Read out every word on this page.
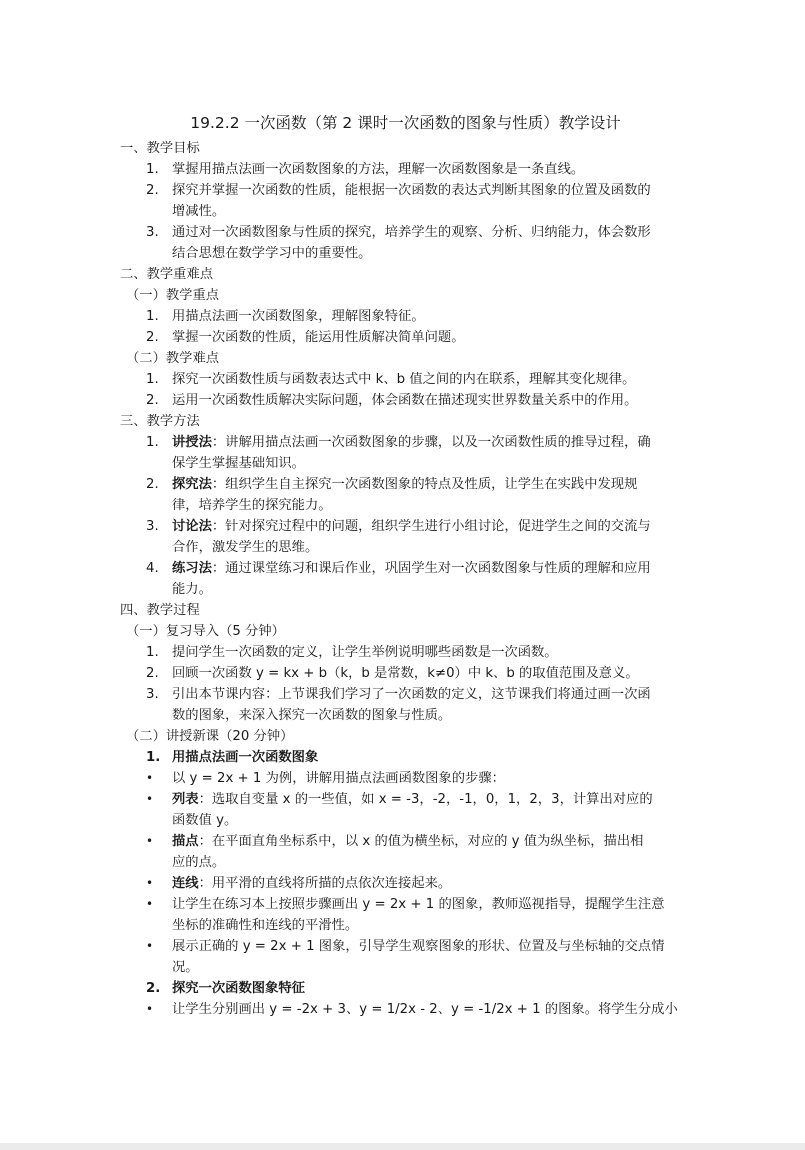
19.2.2 一次函数（第 2 课时一次函数的图象与性质）教学设计
一、教学目标
1. 掌握用描点法画一次函数图象的方法，理解一次函数图象是一条直线。
2. 探究并掌握一次函数的性质，能根据一次函数的表达式判断其图象的位置及函数的
增减性。
3. 通过对一次函数图象与性质的探究，培养学生的观察、分析、归纳能力，体会数形
结合思想在数学学习中的重要性。
二、教学重难点
（一）教学重点
1. 用描点法画一次函数图象，理解图象特征。
2. 掌握一次函数的性质，能运用性质解决简单问题。
（二）教学难点
1. 探究一次函数性质与函数表达式中 k、b 值之间的内在联系，理解其变化规律。
2. 运用一次函数性质解决实际问题，体会函数在描述现实世界数量关系中的作用。
三、教学方法
1. 讲授法：讲解用描点法画一次函数图象的步骤，以及一次函数性质的推导过程，确
保学生掌握基础知识。
2. 探究法：组织学生自主探究一次函数图象的特点及性质，让学生在实践中发现规
律，培养学生的探究能力。
3. 讨论法：针对探究过程中的问题，组织学生进行小组讨论，促进学生之间的交流与
合作，激发学生的思维。
4. 练习法：通过课堂练习和课后作业，巩固学生对一次函数图象与性质的理解和应用
能力。
四、教学过程
（一）复习导入（5 分钟）
1. 提问学生一次函数的定义，让学生举例说明哪些函数是一次函数。
2. 回顾一次函数 y = kx + b（k，b 是常数，k≠0）中 k、b 的取值范围及意义。
3. 引出本节课内容：上节课我们学习了一次函数的定义，这节课我们将通过画一次函
数的图象，来深入探究一次函数的图象与性质。
（二）讲授新课（20 分钟）
1. 用描点法画一次函数图象
• 以 y = 2x + 1 为例，讲解用描点法画函数图象的步骤：
• 列表：选取自变量 x 的一些值，如 x = -3，-2，-1，0，1，2，3，计算出对应的
函数值 y。
• 描点：在平面直角坐标系中，以 x 的值为横坐标，对应的 y 值为纵坐标，描出相
应的点。
• 连线：用平滑的直线将所描的点依次连接起来。
• 让学生在练习本上按照步骤画出 y = 2x + 1 的图象，教师巡视指导，提醒学生注意
坐标的准确性和连线的平滑性。
• 展示正确的 y = 2x + 1 图象，引导学生观察图象的形状、位置及与坐标轴的交点情
况。
2. 探究一次函数图象特征
• 让学生分别画出 y = -2x + 3、y = 1/2x - 2、y = -1/2x + 1 的图象。将学生分成小
